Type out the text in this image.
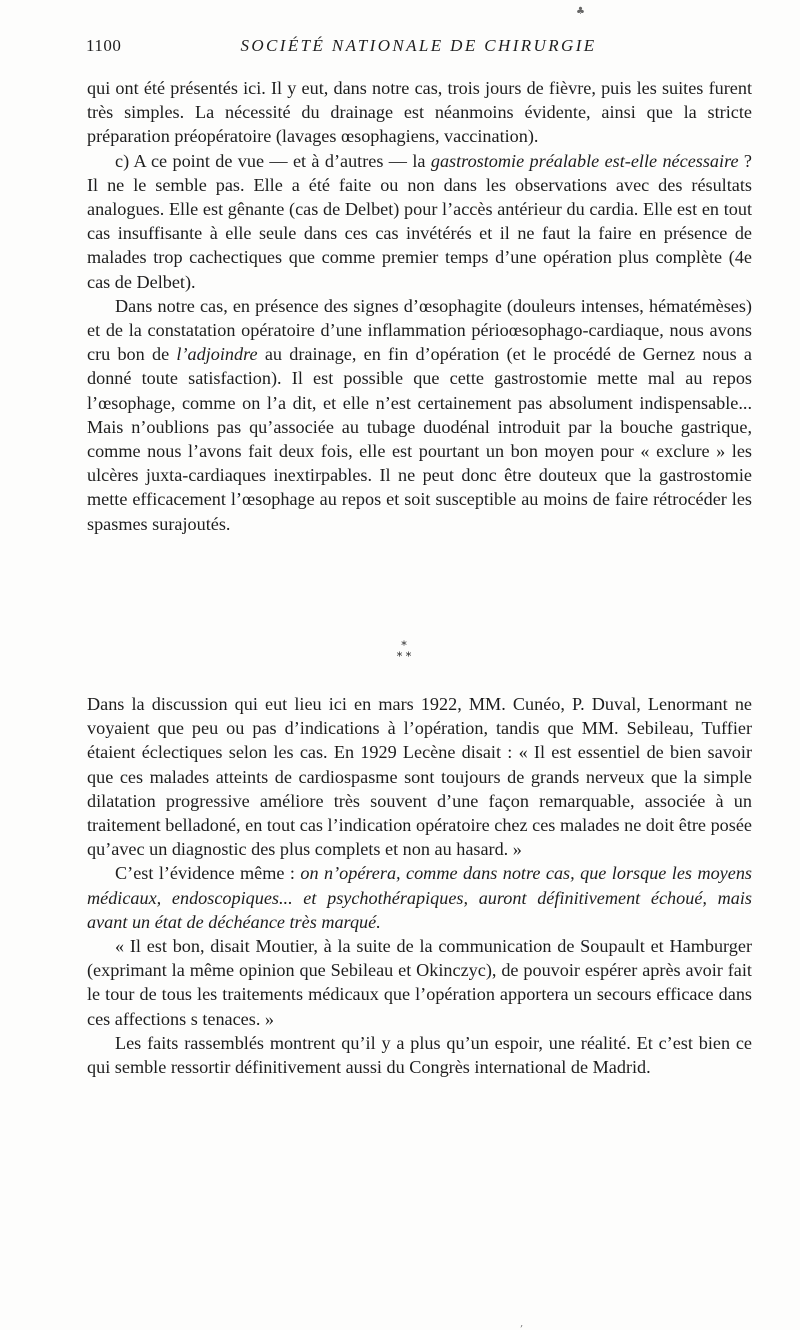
♣
1100	SOCIÉTÉ NATIONALE DE CHIRURGIE

qui ont été présentés ici. Il y eut, dans notre cas, trois jours de fièvre, puis les suites furent très simples. La nécessité du drainage est néanmoins évidente, ainsi que la stricte préparation préopératoire (lavages œsophagiens, vaccination).

c) A ce point de vue — et à d’autres — la gastrostomie préalable est-elle nécessaire ? Il ne le semble pas. Elle a été faite ou non dans les observations avec des résultats analogues. Elle est gênante (cas de Delbet) pour l’accès antérieur du cardia. Elle est en tout cas insuffisante à elle seule dans ces cas invétérés et il ne faut la faire en présence de malades trop cachectiques que comme premier temps d’une opération plus complète (4e cas de Delbet).

Dans notre cas, en présence des signes d’œsophagite (douleurs intenses, hématémèses) et de la constatation opératoire d’une inflammation périoœsophago-cardiaque, nous avons cru bon de l’adjoindre au drainage, en fin d’opération (et le procédé de Gernez nous a donné toute satisfaction). Il est possible que cette gastrostomie mette mal au repos l’œsophage, comme on l’a dit, et elle n’est certainement pas absolument indispensable... Mais n’oublions pas qu’associée au tubage duodénal introduit par la bouche gastrique, comme nous l’avons fait deux fois, elle est pourtant un bon moyen pour « exclure » les ulcères juxta-cardiaques inextirpables. Il ne peut donc être douteux que la gastrostomie mette efficacement l’œsophage au repos et soit susceptible au moins de faire rétrocéder les spasmes surajoutés.

*
* *

Dans la discussion qui eut lieu ici en mars 1922, MM. Cunéo, P. Duval, Lenormant ne voyaient que peu ou pas d’indications à l’opération, tandis que MM. Sebileau, Tuffier étaient éclectiques selon les cas. En 1929 Lecène disait : « Il est essentiel de bien savoir que ces malades atteints de cardiospasme sont toujours de grands nerveux que la simple dilatation progressive améliore très souvent d’une façon remarquable, associée à un traitement belladoné, en tout cas l’indication opératoire chez ces malades ne doit être posée qu’avec un diagnostic des plus complets et non au hasard. »

C’est l’évidence même : on n’opérera, comme dans notre cas, que lorsque les moyens médicaux, endoscopiques... et psychothérapiques, auront définitivement échoué, mais avant un état de déchéance très marqué.

« Il est bon, disait Moutier, à la suite de la communication de Soupault et Hamburger (exprimant la même opinion que Sebileau et Okinczyc), de pouvoir espérer après avoir fait le tour de tous les traitements médicaux que l’opération apportera un secours efficace dans ces affections s tenaces. »

Les faits rassemblés montrent qu’il y a plus qu’un espoir, une réalité. Et c’est bien ce qui semble ressortir définitivement aussi du Congrès international de Madrid.

‚
